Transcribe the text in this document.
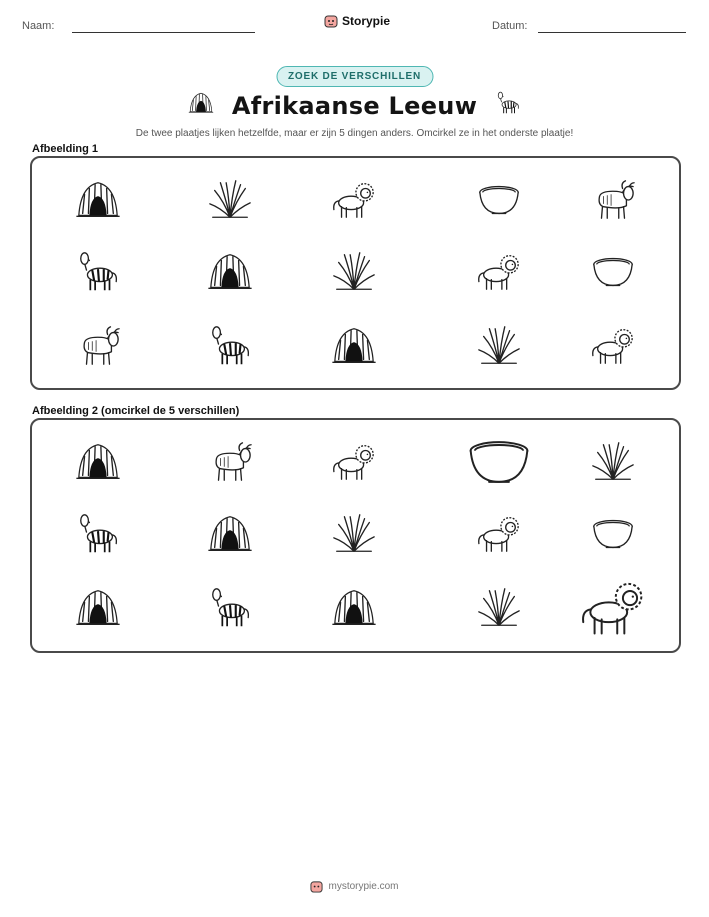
Naam:	Storypie	Datum:
ZOEK DE VERSCHILLEN
Afrikaanse Leeuw
De twee plaatjes lijken hetzelfde, maar er zijn 5 dingen anders. Omcirkel ze in het onderste plaatje!
Afbeelding 1
Afbeelding 2 (omcirkel de 5 verschillen)
mystorypie.com
